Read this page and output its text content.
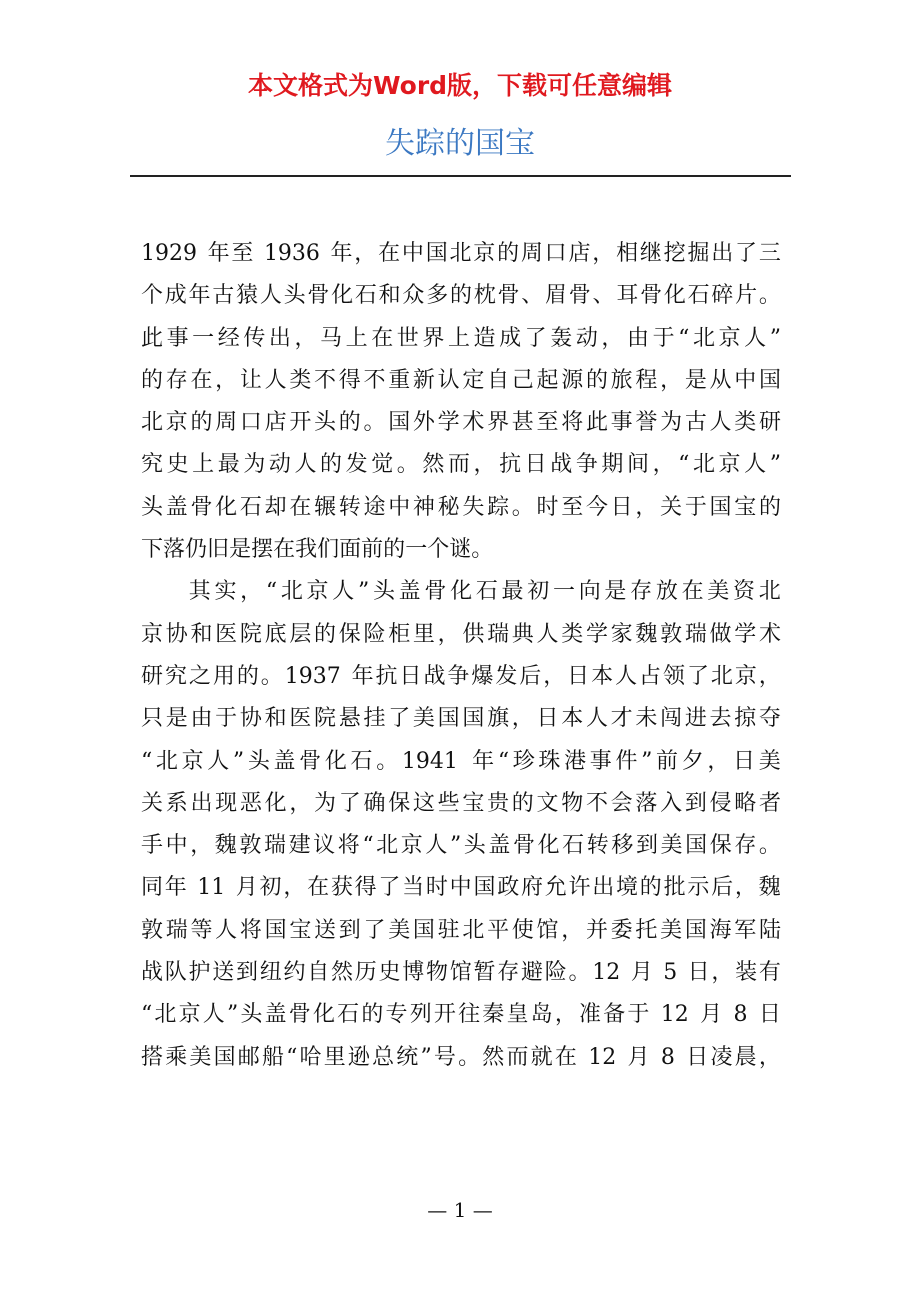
本文格式为Word版，下载可任意编辑
失踪的国宝
1929
年 至
1936
年 ， 在 中 国 北 京 的 周 口 店 ， 相 继 挖 掘 出 了 三
个 成 年 古 猿 人 头 骨 化 石 和 众 多 的 枕 骨 、 眉 骨 、 耳 骨 化 石 碎 片 。
此 事 一 经 传 出 ， 马 上 在 世 界 上 造 成 了 轰 动 ， 由 于 “ 北 京 人 ”
的 存 在 ， 让 人 类 不 得 不 重 新 认 定 自 己 起 源 的 旅 程 ， 是 从 中 国
北 京 的 周 口 店 开 头 的 。 国 外 学 术 界 甚 至 将 此 事 誉 为 古 人 类 研
究 史 上 最 为 动 人 的 发 觉 。 然 而 ， 抗 日 战 争 期 间 ， “ 北 京 人 ”
头 盖 骨 化 石 却 在 辗 转 途 中 神 秘 失 踪 。 时 至 今 日 ， 关 于 国 宝 的
下 落 仍 旧 是 摆 在 我 们 面 前 的 一 个 谜 。

其 实 ， “ 北 京 人 ” 头 盖 骨 化 石 最 初 一 向 是 存 放 在 美 资 北
京 协 和 医 院 底 层 的 保 险 柜 里 ， 供 瑞 典 人 类 学 家 魏 敦 瑞 做 学 术
研 究 之 用 的 。 1937
年 抗 日 战 争 爆 发 后 ， 日 本 人 占 领 了 北 京 ，
只 是 由 于 协 和 医 院 悬 挂 了 美 国 国 旗 ， 日 本 人 才 未 闯 进 去 掠 夺
“ 北 京 人 ” 头 盖 骨 化 石 。 1941
年 “ 珍 珠 港 事 件 ” 前 夕 ， 日 美
关 系 出 现 恶 化 ， 为 了 确 保 这 些 宝 贵 的 文 物 不 会 落 入 到 侵 略 者
手 中 ， 魏 敦 瑞 建 议 将 “ 北 京 人 ” 头 盖 骨 化 石 转 移 到 美 国 保 存 。
同 年
11
月 初 ， 在 获 得 了 当 时 中 国 政 府 允 许 出 境 的 批 示 后 ， 魏
敦 瑞 等 人 将 国 宝 送 到 了 美 国 驻 北 平 使 馆 ， 并 委 托 美 国 海 军 陆
战 队 护 送 到 纽 约 自 然 历 史 博 物 馆 暂 存 避 险 。 12
月
5
日 ， 装 有
“ 北 京 人 ” 头 盖 骨 化 石 的 专 列 开 往 秦 皇 岛 ， 准 备 于
12
月
8
日
搭 乘 美 国 邮 船 “ 哈 里 逊 总 统 ” 号 。 然 而 就 在
12
月
8
日 凌 晨 ，
— 1 —
